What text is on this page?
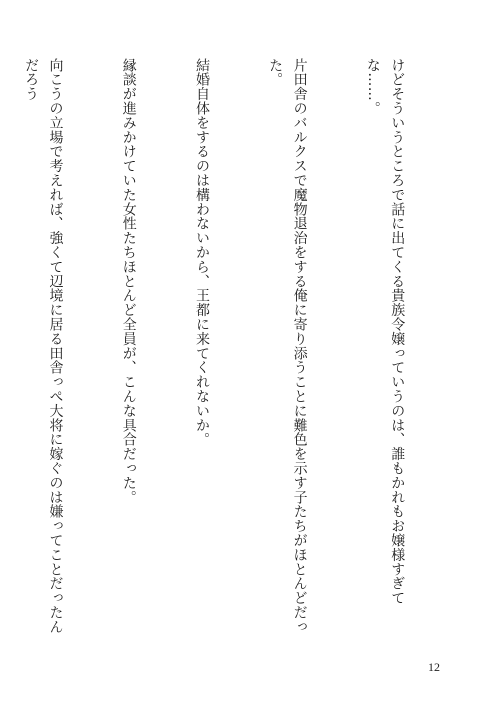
けどそういうところで話に出てくる貴族令嬢っていうのは、誰もかれもお嬢様すぎてな……。

片田舎のバルクスで魔物退治をする俺に寄り添うことに難色を示す子たちがほとんどだった。

結婚自体をするのは構わないから、王都に来てくれないか。

縁談が進みかけていた女性たちほとんど全員が、こんな具合だった。

向こうの立場で考えれば、強くて辺境に居る田舎っぺ大将に嫁ぐのは嫌ってことだったんだろう

12
